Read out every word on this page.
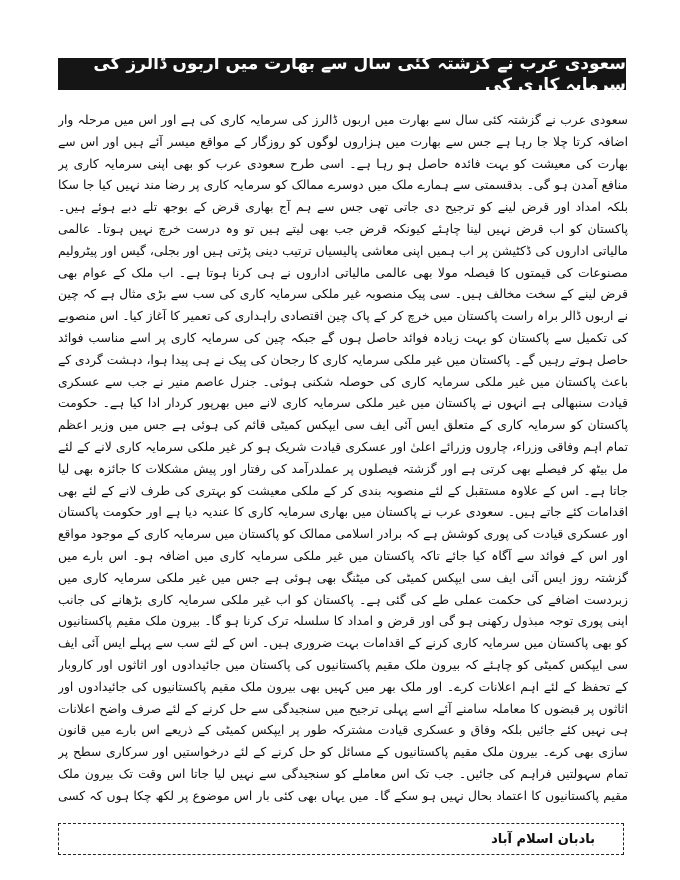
سعودی عرب نے گزشتہ کئی سال سے بھارت میں اربوں ڈالرز کی سرمایہ کاری کی

سعودی عرب نے گزشتہ کئی سال سے بھارت میں اربوں ڈالرز کی سرمایہ کاری کی ہے اور اس میں مرحلہ وار اضافہ کرتا چلا جا رہا ہے جس سے بھارت میں ہزاروں لوگوں کو روزگار کے مواقع میسر آئے ہیں اور اس سے بھارت کی معیشت کو بہت فائدہ حاصل ہو رہا ہے۔ اسی طرح سعودی عرب کو بھی اپنی سرمایہ کاری پر منافع آمدن ہو گی۔ بدقسمتی سے ہمارے ملک میں دوسرے ممالک کو سرمایہ کاری پر رضا مند نہیں کیا جا سکا بلکہ امداد اور قرض لینے کو ترجیح دی جاتی تھی جس سے ہم آج بھاری قرض کے بوجھ تلے دبے ہوئے ہیں۔ پاکستان کو اب قرض نہیں لینا چاہئے کیونکہ قرض جب بھی لیتے ہیں تو وہ درست خرچ نہیں ہوتا۔ عالمی مالیاتی اداروں کی ڈکٹیشن پر اب ہمیں اپنی معاشی پالیسیاں ترتیب دینی پڑتی ہیں اور بجلی، گیس اور پیٹرولیم مصنوعات کی قیمتوں کا فیصلہ مولا بھی عالمی مالیاتی اداروں نے ہی کرنا ہوتا ہے۔ اب ملک کے عوام بھی قرض لینے کے سخت مخالف ہیں۔ سی پیک منصوبہ غیر ملکی سرمایہ کاری کی سب سے بڑی مثال ہے کہ چین نے اربوں ڈالر براہ راست پاکستان میں خرچ کر کے پاک چین اقتصادی راہداری کی تعمیر کا آغاز کیا۔ اس منصوبے کی تکمیل سے پاکستان کو بہت زیادہ فوائد حاصل ہوں گے جبکہ چین کی سرمایہ کاری پر اسے مناسب فوائد حاصل ہوتے رہیں گے۔ پاکستان میں غیر ملکی سرمایہ کاری کا رجحان کی پیک نے ہی پیدا ہوا، دہشت گردی کے باعث پاکستان میں غیر ملکی سرمایہ کاری کی حوصلہ شکنی ہوئی۔ جنرل عاصم منیر نے جب سے عسکری قیادت سنبھالی ہے انہوں نے پاکستان میں غیر ملکی سرمایہ کاری لانے میں بھرپور کردار ادا کیا ہے۔ حکومت پاکستان کو سرمایہ کاری کے متعلق ایس آئی ایف سی ایپکس کمیٹی قائم کی ہوئی ہے جس میں وزیر اعظم تمام اہم وفاقی وزراء، چاروں وزرائے اعلیٰ اور عسکری قیادت شریک ہو کر غیر ملکی سرمایہ کاری لانے کے لئے مل بیٹھ کر فیصلے بھی کرتی ہے اور گزشتہ فیصلوں پر عملدرآمد کی رفتار اور پیش مشکلات کا جائزہ بھی لیا جاتا ہے۔ اس کے علاوہ مستقبل کے لئے منصوبہ بندی کر کے ملکی معیشت کو بہتری کی طرف لانے کے لئے بھی اقدامات کئے جاتے ہیں۔ سعودی عرب نے پاکستان میں بھاری سرمایہ کاری کا عندیہ دیا ہے اور حکومت پاکستان اور عسکری قیادت کی پوری کوشش ہے کہ برادر اسلامی ممالک کو پاکستان میں سرمایہ کاری کے موجود مواقع اور اس کے فوائد سے آگاہ کیا جائے تاکہ پاکستان میں غیر ملکی سرمایہ کاری میں اضافہ ہو۔ اس بارے میں گزشتہ روز ایس آئی ایف سی ایپکس کمیٹی کی میٹنگ بھی ہوئی ہے جس میں غیر ملکی سرمایہ کاری میں زبردست اضافے کی حکمت عملی طے کی گئی ہے۔ پاکستان کو اب غیر ملکی سرمایہ کاری بڑھانے کی جانب اپنی پوری توجہ مبذول رکھنی ہو گی اور قرض و امداد کا سلسلہ ترک کرنا ہو گا۔ بیرون ملک مقیم پاکستانیوں کو بھی پاکستان میں سرمایہ کاری کرنے کے اقدامات بہت ضروری ہیں۔ اس کے لئے سب سے پہلے ایس آئی ایف سی ایپکس کمیٹی کو چاہئے کہ بیرون ملک مقیم پاکستانیوں کی پاکستان میں جائیدادوں اور اثاثوں اور کاروبار کے تحفظ کے لئے اہم اعلانات کرے۔ اور ملک بھر میں کہیں بھی بیرون ملک مقیم پاکستانیوں کی جائیدادوں اور اثاثوں پر قبضوں کا معاملہ سامنے آئے اسے پہلی ترجیح میں سنجیدگی سے حل کرنے کے لئے صرف واضح اعلانات ہی نہیں کئے جائیں بلکہ وفاق و عسکری قیادت مشترکہ طور پر ایپکس کمیٹی کے ذریعے اس بارے میں قانون سازی بھی کرے۔ بیرون ملک مقیم پاکستانیوں کے مسائل کو حل کرنے کے لئے درخواستیں اور سرکاری سطح پر تمام سہولتیں فراہم کی جائیں۔ جب تک اس معاملے کو سنجیدگی سے نہیں لیا جاتا اس وقت تک بیرون ملک مقیم پاکستانیوں کا اعتماد بحال نہیں ہو سکے گا۔ میں یہاں بھی کئی بار اس موضوع پر لکھ چکا ہوں کہ کسی

بادبان اسلام آباد
